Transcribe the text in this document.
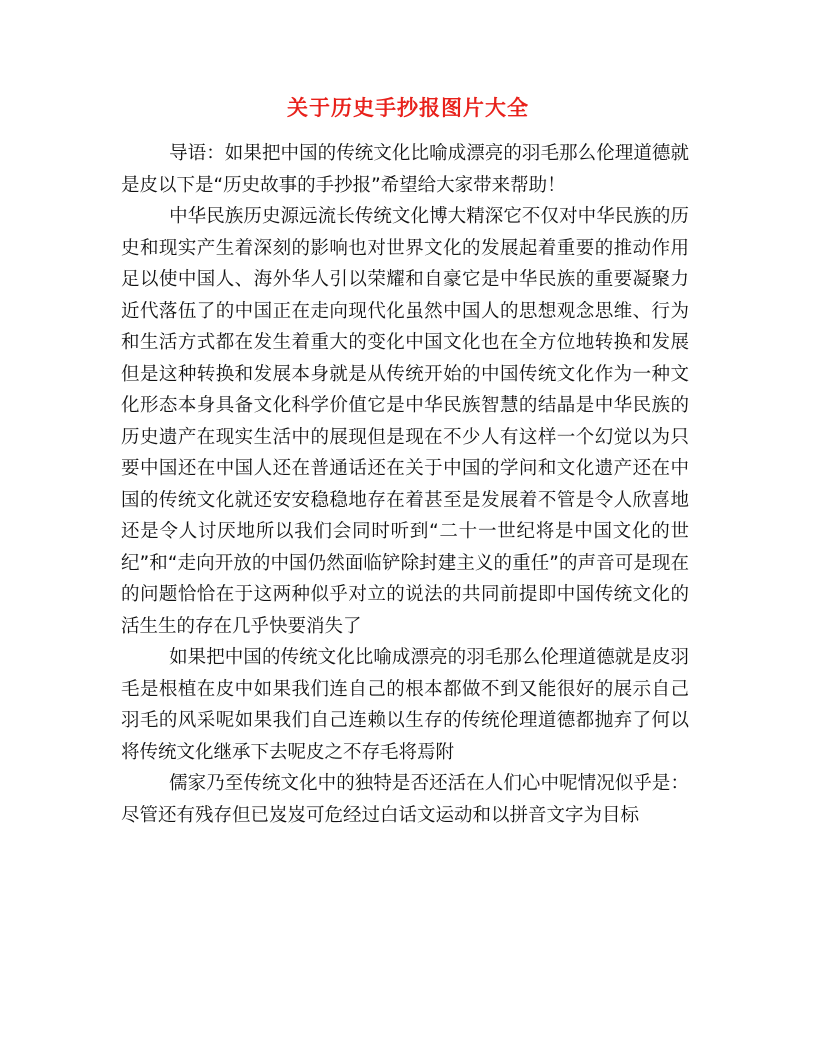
关于历史手抄报图片大全

导语：如果把中国的传统文化比喻成漂亮的羽毛那么伦理道德就是皮以下是“历史故事的手抄报”希望给大家带来帮助！

中华民族历史源远流长传统文化博大精深它不仅对中华民族的历史和现实产生着深刻的影响也对世界文化的发展起着重要的推动作用足以使中国人、海外华人引以荣耀和自豪它是中华民族的重要凝聚力近代落伍了的中国正在走向现代化虽然中国人的思想观念思维、行为和生活方式都在发生着重大的变化中国文化也在全方位地转换和发展但是这种转换和发展本身就是从传统开始的中国传统文化作为一种文化形态本身具备文化科学价值它是中华民族智慧的结晶是中华民族的历史遗产在现实生活中的展现但是现在不少人有这样一个幻觉以为只要中国还在中国人还在普通话还在关于中国的学问和文化遗产还在中国的传统文化就还安安稳稳地存在着甚至是发展着不管是令人欣喜地还是令人讨厌地所以我们会同时听到“二十一世纪将是中国文化的世纪”和“走向开放的中国仍然面临铲除封建主义的重任”的声音可是现在的问题恰恰在于这两种似乎对立的说法的共同前提即中国传统文化的活生生的存在几乎快要消失了

如果把中国的传统文化比喻成漂亮的羽毛那么伦理道德就是皮羽毛是根植在皮中如果我们连自己的根本都做不到又能很好的展示自己羽毛的风采呢如果我们自己连赖以生存的传统伦理道德都抛弃了何以将传统文化继承下去呢皮之不存毛将焉附

儒家乃至传统文化中的独特是否还活在人们心中呢情况似乎是：尽管还有残存但已岌岌可危经过白话文运动和以拼音文字为目标
